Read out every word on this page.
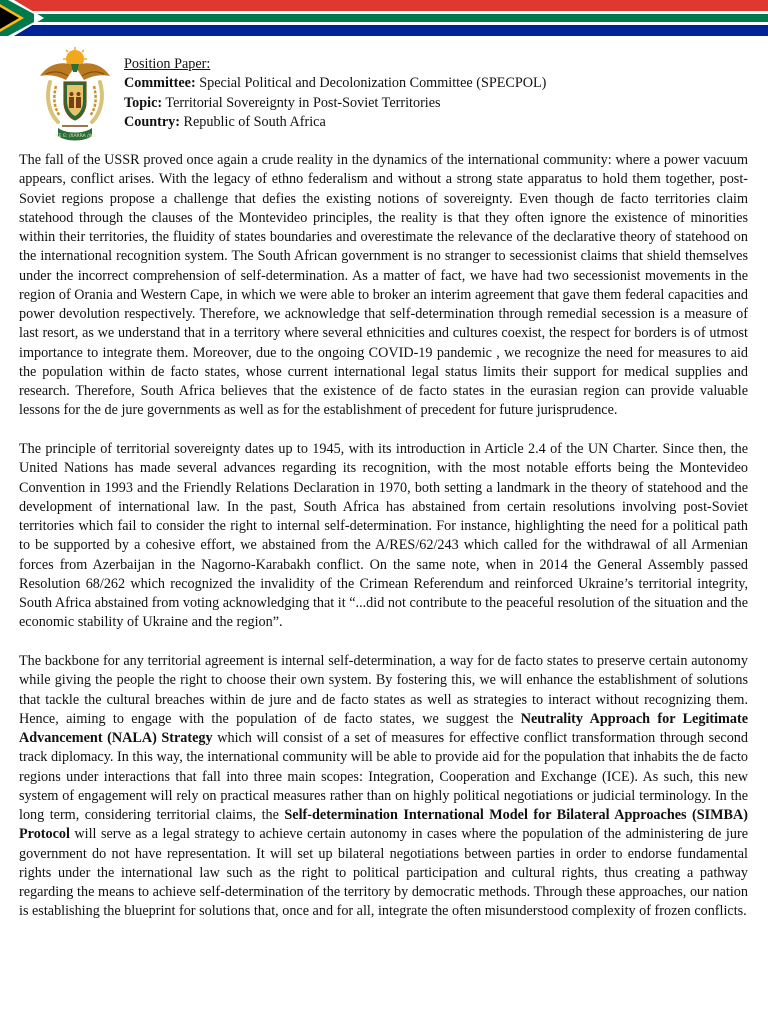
!KE E: /XARRA //KE
Position Paper:
Committee: Special Political and Decolonization Committee (SPECPOL)
Topic: Territorial Sovereignty in Post-Soviet Territories
Country: Republic of South Africa

The fall of the USSR proved once again a crude reality in the dynamics of the international community: where a power vacuum appears, conflict arises. With the legacy of ethno federalism and without a strong state apparatus to hold them together, post-Soviet regions propose a challenge that defies the existing notions of sovereignty. Even though de facto territories claim statehood through the clauses of the Montevideo principles, the reality is that they often ignore the existence of minorities within their territories, the fluidity of states boundaries and overestimate the relevance of the declarative theory of statehood on the international recognition system. The South African government is no stranger to secessionist claims that shield themselves under the incorrect comprehension of self-determination. As a matter of fact, we have had two secessionist movements in the region of Orania and Western Cape, in which we were able to broker an interim agreement that gave them federal capacities and power devolution respectively. Therefore, we acknowledge that self-determination through remedial secession is a measure of last resort, as we understand that in a territory where several ethnicities and cultures coexist, the respect for borders is of utmost importance to integrate them. Moreover, due to the ongoing COVID-19 pandemic , we recognize the need for measures to aid the population within de facto states, whose current international legal status limits their support for medical supplies and research. Therefore, South Africa believes that the existence of de facto states in the eurasian region can provide valuable lessons for the de jure governments as well as for the establishment of precedent for future jurisprudence.

The principle of territorial sovereignty dates up to 1945, with its introduction in Article 2.4 of the UN Charter. Since then, the United Nations has made several advances regarding its recognition, with the most notable efforts being the Montevideo Convention in 1993 and the Friendly Relations Declaration in 1970, both setting a landmark in the theory of statehood and the development of international law. In the past, South Africa has abstained from certain resolutions involving post-Soviet territories which fail to consider the right to internal self-determination. For instance, highlighting the need for a political path to be supported by a cohesive effort, we abstained from the A/RES/62/243 which called for the withdrawal of all Armenian forces from Azerbaijan in the Nagorno-Karabakh conflict. On the same note, when in 2014 the General Assembly passed Resolution 68/262 which recognized the invalidity of the Crimean Referendum and reinforced Ukraine’s territorial integrity, South Africa abstained from voting acknowledging that it “...did not contribute to the peaceful resolution of the situation and the economic stability of Ukraine and the region”.

The backbone for any territorial agreement is internal self-determination, a way for de facto states to preserve certain autonomy while giving the people the right to choose their own system. By fostering this, we will enhance the establishment of solutions that tackle the cultural breaches within de jure and de facto states as well as strategies to interact without recognizing them. Hence, aiming to engage with the population of de facto states, we suggest the Neutrality Approach for Legitimate Advancement (NALA) Strategy which will consist of a set of measures for effective conflict transformation through second track diplomacy. In this way, the international community will be able to provide aid for the population that inhabits the de facto regions under interactions that fall into three main scopes: Integration, Cooperation and Exchange (ICE). As such, this new system of engagement will rely on practical measures rather than on highly political negotiations or judicial terminology. In the long term, considering territorial claims, the Self-determination International Model for Bilateral Approaches (SIMBA) Protocol will serve as a legal strategy to achieve certain autonomy in cases where the population of the administering de jure government do not have representation. It will set up bilateral negotiations between parties in order to endorse fundamental rights under the international law such as the right to political participation and cultural rights, thus creating a pathway regarding the means to achieve self-determination of the territory by democratic methods. Through these approaches, our nation is establishing the blueprint for solutions that, once and for all, integrate the often misunderstood complexity of frozen conflicts.
